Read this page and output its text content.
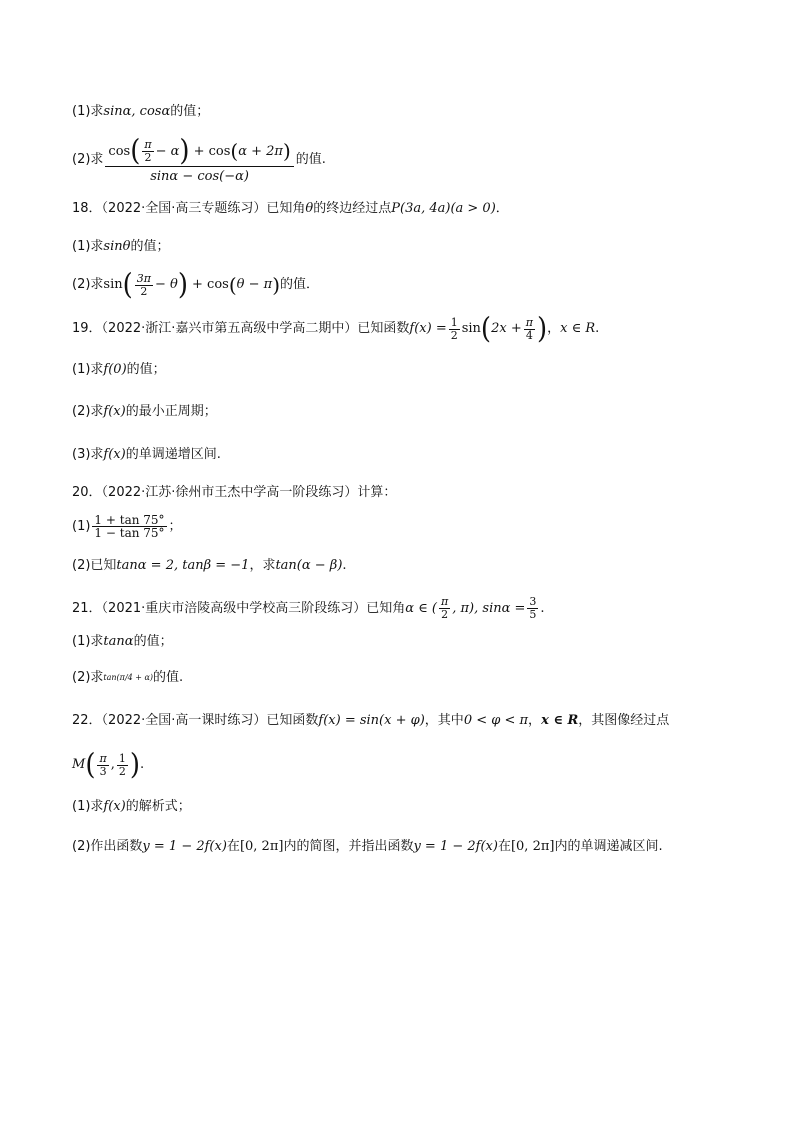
(1)求 sinα, cosα 的值；
(2)求
cos ( $\frac{\pi}{2} - \alpha$ ) + cos ( α + 2π )
sinα − cos(−α)
的值.
18．（2022·全国·高三专题练习）已知角 θ 的终边经过点 P(3a, 4a)(a > 0) ．
(1)求 sinθ 的值；
(2)求 sin ( $\frac{3\pi}{2} - \theta$ ) + cos ( θ − π ) 的值．
19．（2022·浙江·嘉兴市第五高级中学高二期中）已知函数 $f(x) = \frac{1}{2}$ sin ( $2x + \frac{\pi}{4}$ ) ， x ∈ R .
(1)求 f(0) 的值；
(2)求 f(x) 的最小正周期；
(3)求 f(x) 的单调递增区间.
20．（2022·江苏·徐州市王杰中学高一阶段练习）计算：
$(1) \frac{1 + \tan 75^\circ}{1 - \tan 75^\circ}$ ；
(2)已知 tanα = 2, tanβ = −1 ，求 tan(α − β) .
21．（2021·重庆市涪陵高级中学校高三阶段练习）已知角 α ∈ ( $\frac{\pi}{2}$ , π), $\sin\alpha = \frac{3}{5}$ .
(1)求 tanα 的值；
(2)求 tan(π/4 + α) 的值.
22．（2022·全国·高一课时练习）已知函数 f(x) = sin(x + φ) ，其中 0 < φ < π ， x ∈ R ，其图像经过点
M ( $\frac{\pi}{3}$ , $\frac{1}{2}$ ) .
(1)求 f(x) 的解析式；
(2)作出函数 y = 1 − 2f(x) 在 [0, 2π] 内的简图，并指出函数 y = 1 − 2f(x) 在 [0, 2π] 内的单调递减区间.
